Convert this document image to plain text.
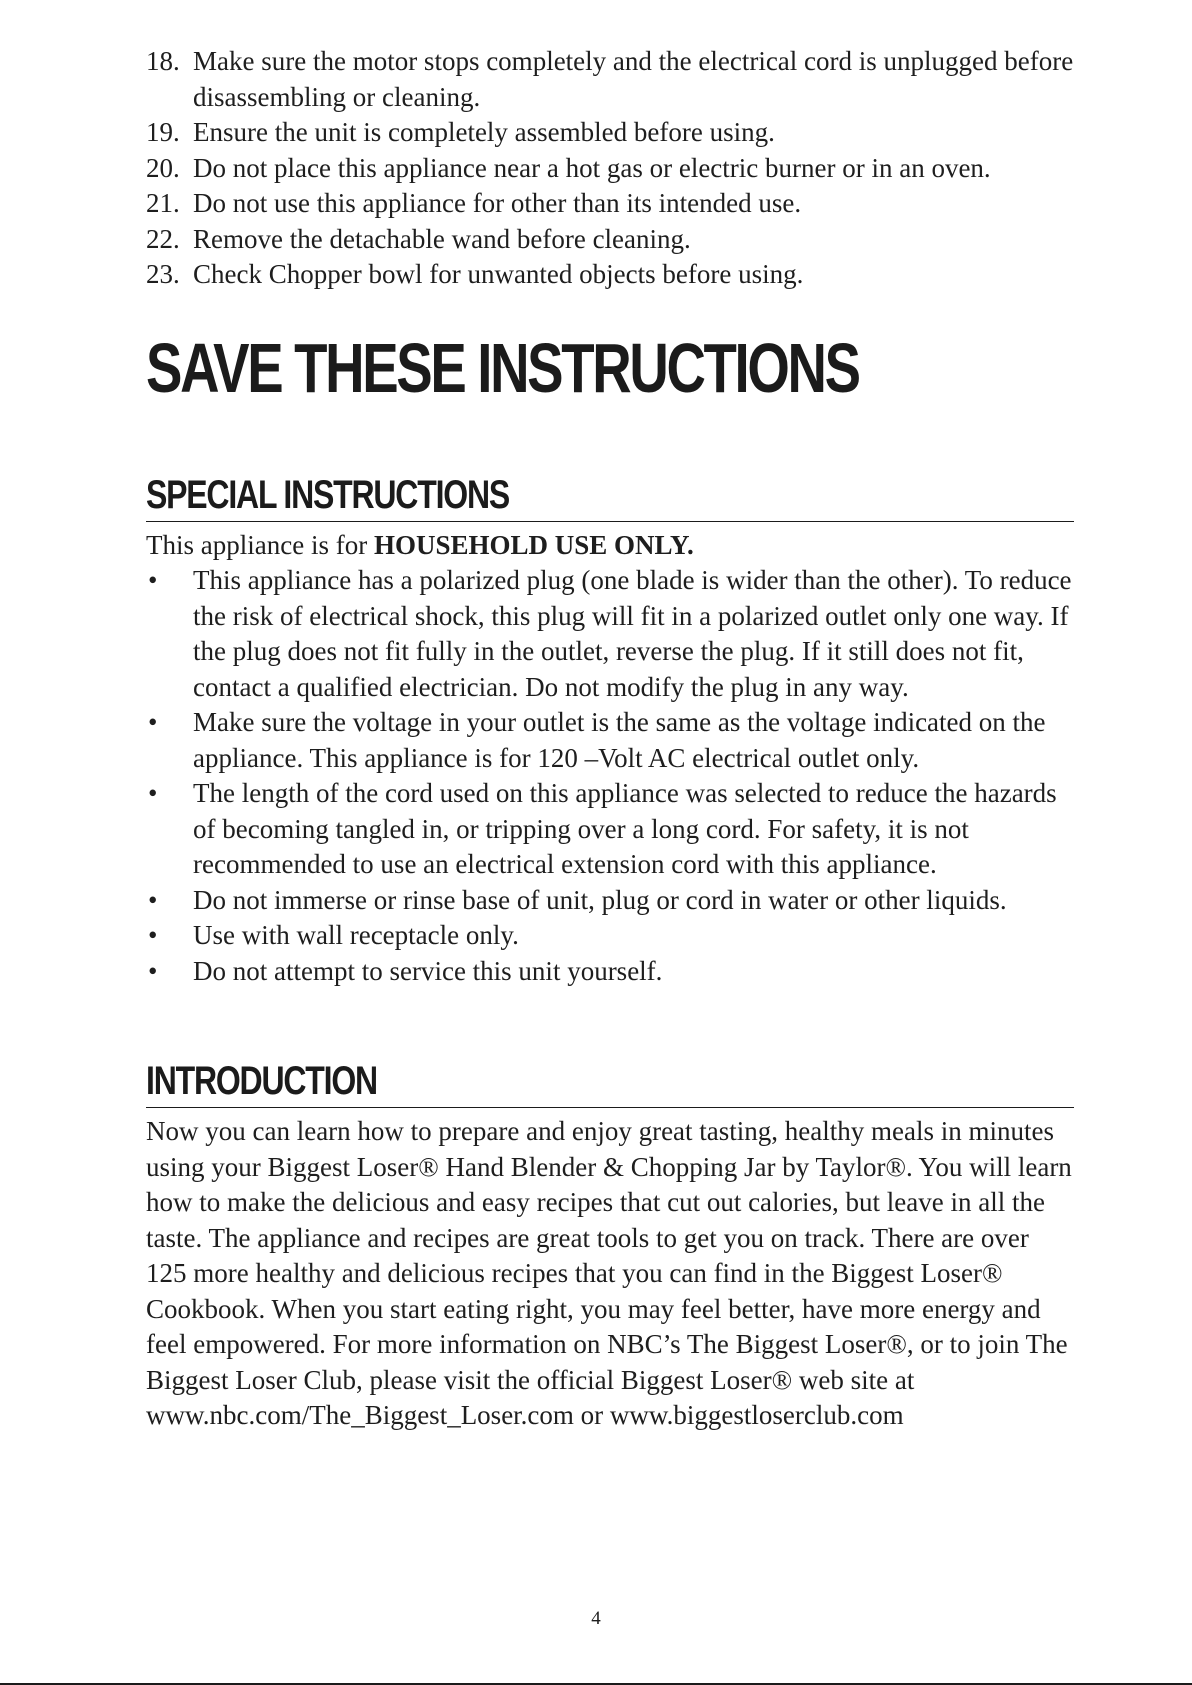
18. Make sure the motor stops completely and the electrical cord is unplugged before disassembling or cleaning.
19. Ensure the unit is completely assembled before using.
20. Do not place this appliance near a hot gas or electric burner or in an oven.
21. Do not use this appliance for other than its intended use.
22. Remove the detachable wand before cleaning.
23. Check Chopper bowl for unwanted objects before using.
SAVE THESE INSTRUCTIONS
SPECIAL INSTRUCTIONS
This appliance is for HOUSEHOLD USE ONLY.
• This appliance has a polarized plug (one blade is wider than the other). To reduce the risk of electrical shock, this plug will fit in a polarized outlet only one way. If the plug does not fit fully in the outlet, reverse the plug. If it still does not fit, contact a qualified electrician. Do not modify the plug in any way.
• Make sure the voltage in your outlet is the same as the voltage indicated on the appliance. This appliance is for 120 –Volt AC electrical outlet only.
• The length of the cord used on this appliance was selected to reduce the hazards of becoming tangled in, or tripping over a long cord. For safety, it is not recommended to use an electrical extension cord with this appliance.
• Do not immerse or rinse base of unit, plug or cord in water or other liquids.
• Use with wall receptacle only.
• Do not attempt to service this unit yourself.
INTRODUCTION
Now you can learn how to prepare and enjoy great tasting, healthy meals in minutes using your Biggest Loser® Hand Blender & Chopping Jar by Taylor®. You will learn how to make the delicious and easy recipes that cut out calories, but leave in all the taste. The appliance and recipes are great tools to get you on track. There are over 125 more healthy and delicious recipes that you can find in the Biggest Loser® Cookbook. When you start eating right, you may feel better, have more energy and feel empowered. For more information on NBC’s The Biggest Loser®, or to join The Biggest Loser Club, please visit the official Biggest Loser® web site at www.nbc.com/The_Biggest_Loser.com or www.biggestloserclub.com
4
